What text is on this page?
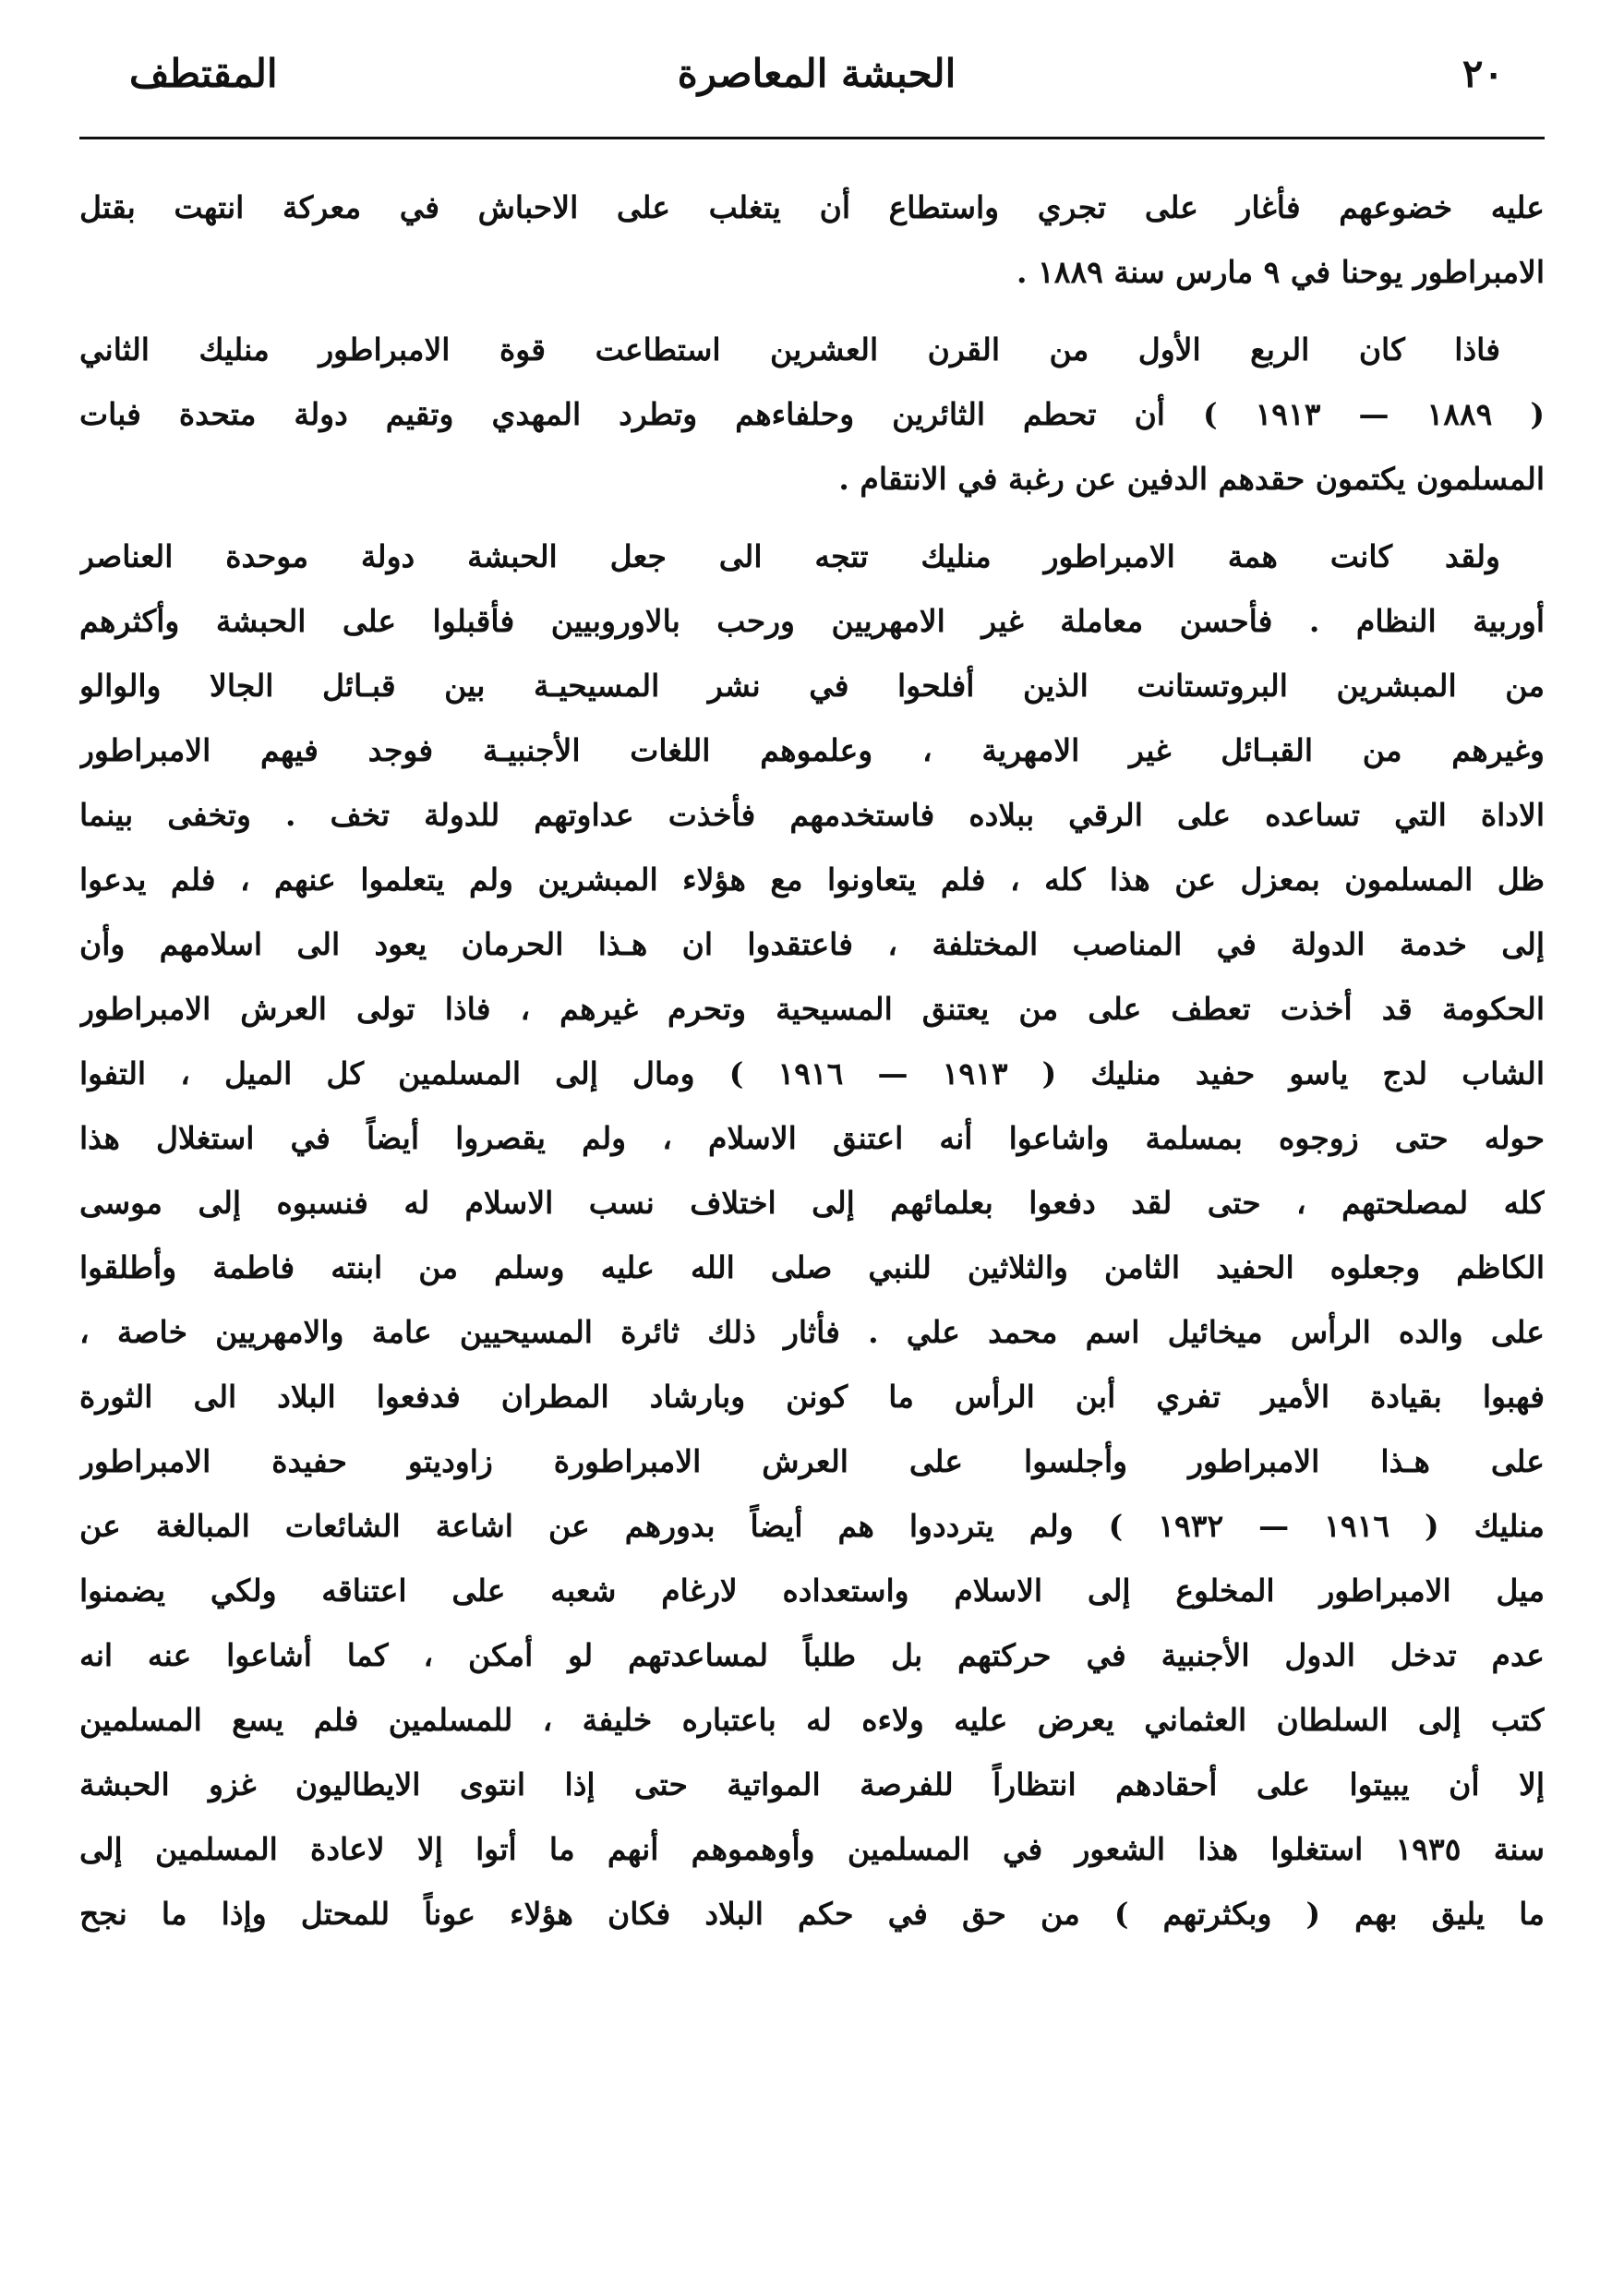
٢٠
الحبشة المعاصرة
المقتطف
عليه خضوعهم فأغار على تجري واستطاع أن يتغلب على الاحباش في معركة انتهت بقتل
الامبراطور يوحنا في ٩ مارس سنة ١٨٨٩ .
فاذا كان الربع الأول من القرن العشرين استطاعت قوة الامبراطور منليك الثاني
( ١٨٨٩ — ١٩١٣ ) أن تحطم الثائرين وحلفاءهم وتطرد المهدي وتقيم دولة متحدة فبات
المسلمون يكتمون حقدهم الدفين عن رغبة في الانتقام .
ولقد كانت همة الامبراطور منليك تتجه الى جعل الحبشة دولة موحدة العناصر
أوربية النظام . فأحسن معاملة غير الامهريين ورحب بالاوروبيين فأقبلوا على الحبشة وأكثرهم
من المبشرين البروتستانت الذين أفلحوا في نشر المسيحيـة بين قبـائل الجالا والوالو
وغيرهم من القبـائل غير الامهرية ، وعلموهم اللغات الأجنبيـة فوجد فيهم الامبراطور
الاداة التي تساعده على الرقي ببلاده فاستخدمهم فأخذت عداوتهم للدولة تخف . وتخفى بينما
ظل المسلمون بمعزل عن هذا كله ، فلم يتعاونوا مع هؤلاء المبشرين ولم يتعلموا عنهم ، فلم يدعوا
إلى خدمة الدولة في المناصب المختلفة ، فاعتقدوا ان هـذا الحرمان يعود الى اسلامهم وأن
الحكومة قد أخذت تعطف على من يعتنق المسيحية وتحرم غيرهم ، فاذا تولى العرش الامبراطور
الشاب لدج ياسو حفيد منليك ( ١٩١٣ — ١٩١٦ ) ومال إلى المسلمين كل الميل ، التفوا
حوله حتى زوجوه بمسلمة واشاعوا أنه اعتنق الاسلام ، ولم يقصروا أيضاً في استغلال هذا
كله لمصلحتهم ، حتى لقد دفعوا بعلمائهم إلى اختلاف نسب الاسلام له فنسبوه إلى موسى
الكاظم وجعلوه الحفيد الثامن والثلاثين للنبي صلى الله عليه وسلم من ابنته فاطمة وأطلقوا
على والده الرأس ميخائيل اسم محمد علي . فأثار ذلك ثائرة المسيحيين عامة والامهريين خاصة ،
فهبوا بقيادة الأمير تفري أبن الرأس ما كونن وبارشاد المطران فدفعوا البلاد الى الثورة
على هـذا الامبراطور وأجلسوا على العرش الامبراطورة زاوديتو حفيدة الامبراطور
منليك ( ١٩١٦ — ١٩٣٢ ) ولم يترددوا هم أيضاً بدورهم عن اشاعة الشائعات المبالغة عن
ميل الامبراطور المخلوع إلى الاسلام واستعداده لارغام شعبه على اعتناقه ولكي يضمنوا
عدم تدخل الدول الأجنبية في حركتهم بل طلباً لمساعدتهم لو أمكن ، كما أشاعوا عنه انه
كتب إلى السلطان العثماني يعرض عليه ولاءه له باعتباره خليفة ، للمسلمين فلم يسع المسلمين
إلا أن يبيتوا على أحقادهم انتظاراً للفرصة المواتية حتى إذا انتوى الايطاليون غزو الحبشة
سنة ١٩٣٥ استغلوا هذا الشعور في المسلمين وأوهموهم أنهم ما أتوا إلا لاعادة المسلمين إلى
ما يليق بهم ( وبكثرتهم ) من حق في حكم البلاد فكان هؤلاء عوناً للمحتل وإذا ما نجح
